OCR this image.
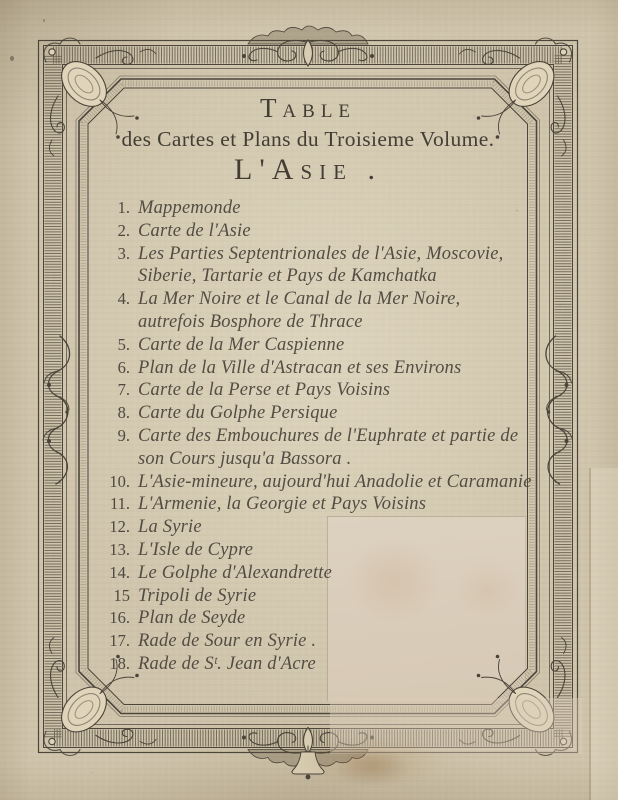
Table
des Cartes et Plans du Troisieme Volume.
L'Asie .
1. Mappemonde
2. Carte de l'Asie
3. Les Parties Septentrionales de l'Asie, Moscovie,
Siberie, Tartarie et Pays de Kamchatka
4. La Mer Noire et le Canal de la Mer Noire,
autrefois Bosphore de Thrace
5. Carte de la Mer Caspienne
6. Plan de la Ville d'Astracan et ses Environs
7. Carte de la Perse et Pays Voisins
8. Carte du Golphe Persique
9. Carte des Embouchures de l'Euphrate et partie de
son Cours jusqu'a Bassora .
10. L'Asie-mineure, aujourd'hui Anadolie et Caramanie
11. L'Armenie, la Georgie et Pays Voisins
12. La Syrie
13. L'Isle de Cypre
14. Le Golphe d'Alexandrette
15 Tripoli de Syrie
16. Plan de Seyde
17. Rade de Sour en Syrie .
18. Rade de Sᵗ. Jean d'Acre
